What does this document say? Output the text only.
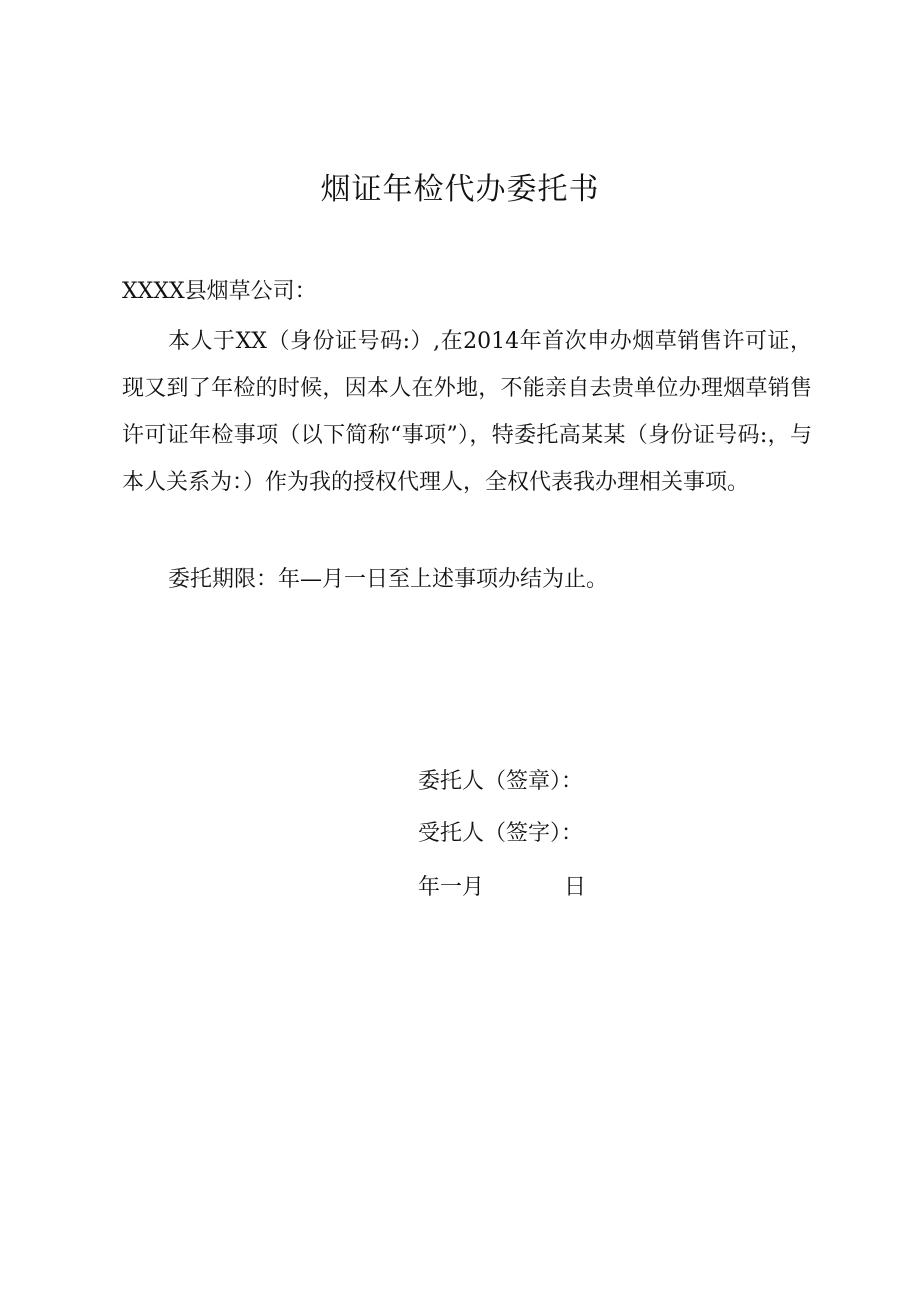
烟证年检代办委托书

XXXX县烟草公司：

本人于XX（身份证号码:）,在2014年首次申办烟草销售许可证，现又到了年检的时候，因本人在外地，不能亲自去贵单位办理烟草销售许可证年检事项（以下简称“事项”），特委托高某某（身份证号码:，与本人关系为：）作为我的授权代理人，全权代表我办理相关事项。

委托期限：年—月一日至上述事项办结为止。

委托人（签章）：

受托人（签字）：

年一月	日
